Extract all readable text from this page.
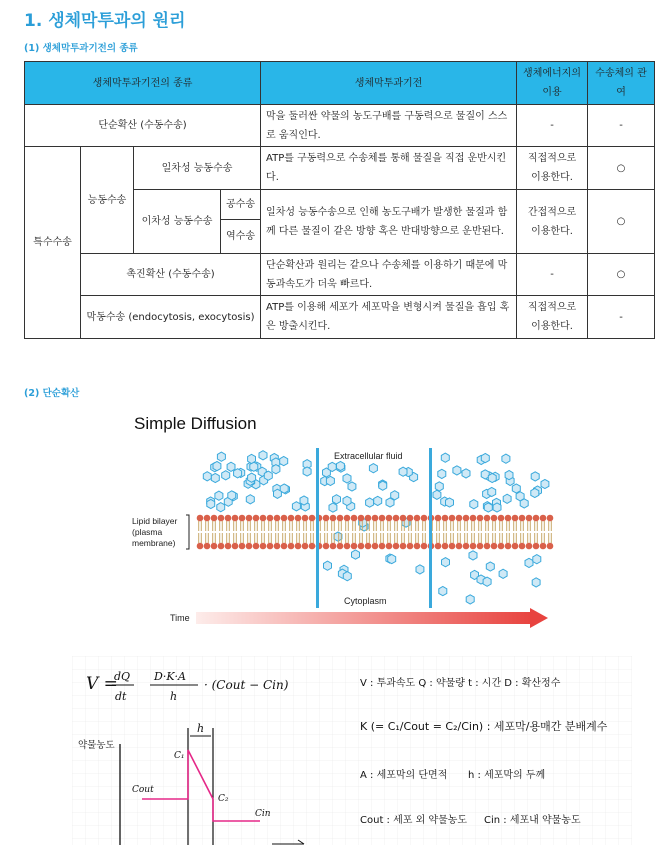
1. 생체막투과의 원리
(1) 생체막투과기전의 종류
생체막투과기전의 종류				생체막투과기전	생체에너지의 이용	수송체의 관여
단순확산 (수동수송)				막을 둘러싼 약물의 농도구배를 구동력으로 물질이 스스로 움직인다.	-	-
특수수송	능동수송	일차성 능동수송		ATP를 구동력으로 수송체를 통해 물질을 직접 운반시킨다.	직접적으로 이용한다.	○
		이차성 능동수송	공수송	일차성 능동수송으로 인해 농도구배가 발생한 물질과 함께 다른 물질이 같은 방향 혹은 반대방향으로 운반된다.	간접적으로 이용한다.	○
			역수송			
	촉진확산 (수동수송)			단순확산과 원리는 같으나 수송체를 이용하기 때문에 막동과속도가 더욱 빠르다.	-	○
	막동수송 (endocytosis, exocytosis)			ATP를 이용해 세포가 세포막을 변형시켜 물질을 흡입 혹은 방출시킨다.	직접적으로 이용한다.	-
(2) 단순확산
Simple Diffusion
Extracellular fluid
Cytoplasm
Lipid bilayer
(plasma
membrane)
Time
V =
dQ
dt
D·K·A
h
· (Cout − Cin)	V : 투과속도 Q : 약물량 t : 시간 D : 확산정수
K (= C₁/Cout = C₂/Cin) : 세포막/용매간 분배계수
A : 세포막의 단면적 h : 세포막의 두께
Cout : 세포 외 약물농도 Cin : 세포내 약물농도
약물농도
h
C₁
C₂
Cout
Cin
